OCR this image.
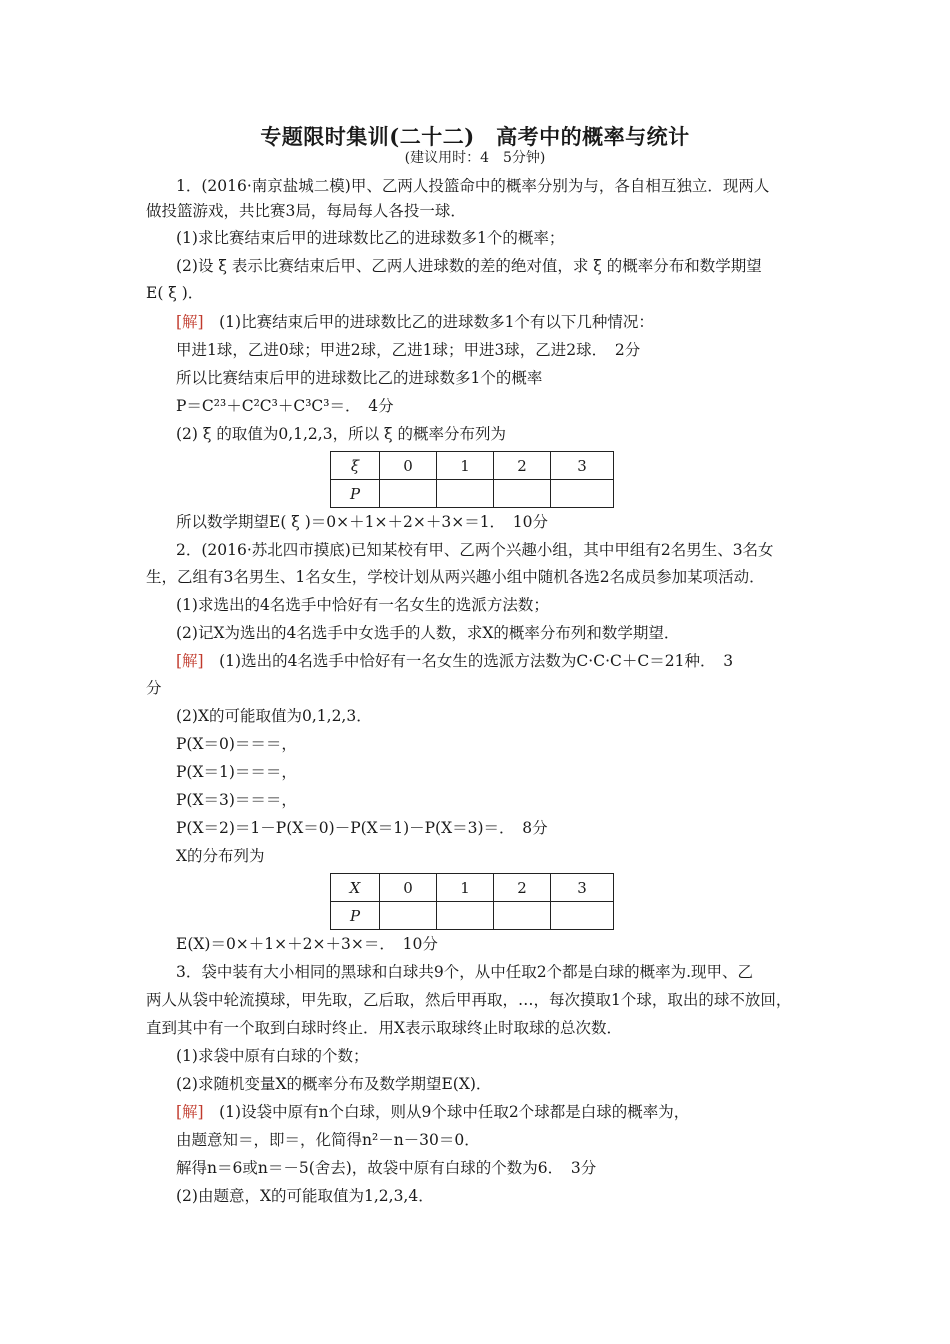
专题限时集训(二十二)　高考中的概率与统计
(建议用时：4　5分钟)
1．(2016·南京盐城二模)甲、乙两人投篮命中的概率分别为与，各自相互独立．现两人
做投篮游戏，共比赛3局，每局每人各投一球．
(1)求比赛结束后甲的进球数比乙的进球数多1个的概率；
(2)设 ξ 表示比赛结束后甲、乙两人进球数的差的绝对值，求 ξ 的概率分布和数学期望
E( ξ )．
[解]　(1)比赛结束后甲的进球数比乙的进球数多1个有以下几种情况：
甲进1球，乙进0球；甲进2球，乙进1球；甲进3球，乙进2球．　2分
所以比赛结束后甲的进球数比乙的进球数多1个的概率
P＝C²³＋C²C³＋C³C³＝．　4分
(2) ξ 的取值为0,1,2,3，所以 ξ 的概率分布列为
ξ	0	1	2	3
P				
所以数学期望E( ξ )＝0×＋1×＋2×＋3×＝1．　10分
2．(2016·苏北四市摸底)已知某校有甲、乙两个兴趣小组，其中甲组有2名男生、3名女
生，乙组有3名男生、1名女生，学校计划从两兴趣小组中随机各选2名成员参加某项活动．
(1)求选出的4名选手中恰好有一名女生的选派方法数；
(2)记X为选出的4名选手中女选手的人数，求X的概率分布列和数学期望．
[解]　(1)选出的4名选手中恰好有一名女生的选派方法数为C·C·C＋C＝21种．　3
分
(2)X的可能取值为0,1,2,3．
P(X＝0)＝＝＝，
P(X＝1)＝＝＝，
P(X＝3)＝＝＝，
P(X＝2)＝1－P(X＝0)－P(X＝1)－P(X＝3)＝．　8分
X的分布列为
X	0	1	2	3
P				
E(X)＝0×＋1×＋2×＋3×＝．　10分
3．袋中装有大小相同的黑球和白球共9个，从中任取2个都是白球的概率为.现甲、乙
两人从袋中轮流摸球，甲先取，乙后取，然后甲再取，…，每次摸取1个球，取出的球不放回，
直到其中有一个取到白球时终止．用X表示取球终止时取球的总次数．
(1)求袋中原有白球的个数；
(2)求随机变量X的概率分布及数学期望E(X)．
[解]　(1)设袋中原有n个白球，则从9个球中任取2个球都是白球的概率为，
由题意知＝，即＝，化简得n²－n－30＝0．
解得n＝6或n＝－5(舍去)，故袋中原有白球的个数为6．　3分
(2)由题意，X的可能取值为1,2,3,4．
